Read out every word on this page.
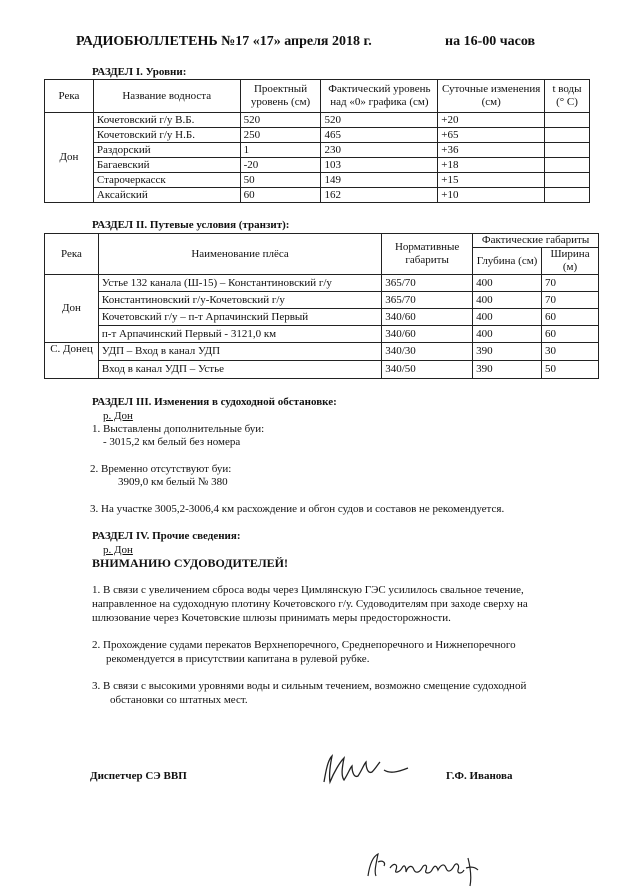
РАДИОБЮЛЛЕТЕНЬ №17 «17» апреля 2018 г.	на 16-00 часов
РАЗДЕЛ I. Уровни:
Река	Название водноста	Проектный уровень (см)	Фактический уровень над «0» графика (см)	Суточные изменения (см)	t воды (° С)
Дон	Кочетовский г/у В.Б.	520	520	+20	
	Кочетовский г/у Н.Б.	250	465	+65	
	Раздорский	1	230	+36	
	Багаевский	-20	103	+18	
	Старочеркасск	50	149	+15	
	Аксайский	60	162	+10	
РАЗДЕЛ II. Путевые условия (транзит):
Река	Наименование плёса	Нормативные габариты	Фактические габариты	
			Глубина (см)	Ширина (м)
Дон	Устье 132 канала (Ш-15) – Константиновский г/у	365/70	400	70
	Константиновский г/у-Кочетовский г/у	365/70	400	70
	Кочетовский г/у – п-т Арпачинский Первый	340/60	400	60
	п-т Арпачинский Первый - 3121,0 км	340/60	400	60
С. Донец	УДП – Вход в канал УДП	340/30	390	30
	Вход в канал УДП – Устье	340/50	390	50
РАЗДЕЛ III. Изменения в судоходной обстановке:
р. Дон
1. Выставлены дополнительные буи:
- 3015,2 км белый без номера
2. Временно отсутствуют буи:
3909,0 км белый № 380
3. На участке 3005,2-3006,4 км расхождение и обгон судов и составов не рекомендуется.
РАЗДЕЛ IV. Прочие сведения:
р. Дон
ВНИМАНИЮ СУДОВОДИТЕЛЕЙ!
1. В связи с увеличением сброса воды через Цимлянскую ГЭС усилилось свальное течение,
направленное на судоходную плотину Кочетовского г/у. Судоводителям при заходе сверху на
шлюзование через Кочетовские шлюзы принимать меры предосторожности.
2. Прохождение судами перекатов Верхнепоречного, Среднепоречного и Нижнепоречного
рекомендуется в присутствии капитана в рулевой рубке.
3. В связи с высокими уровнями воды и сильным течением, возможно смещение судоходной
обстановки со штатных мест.
Диспетчер СЭ ВВП	Г.Ф. Иванова
